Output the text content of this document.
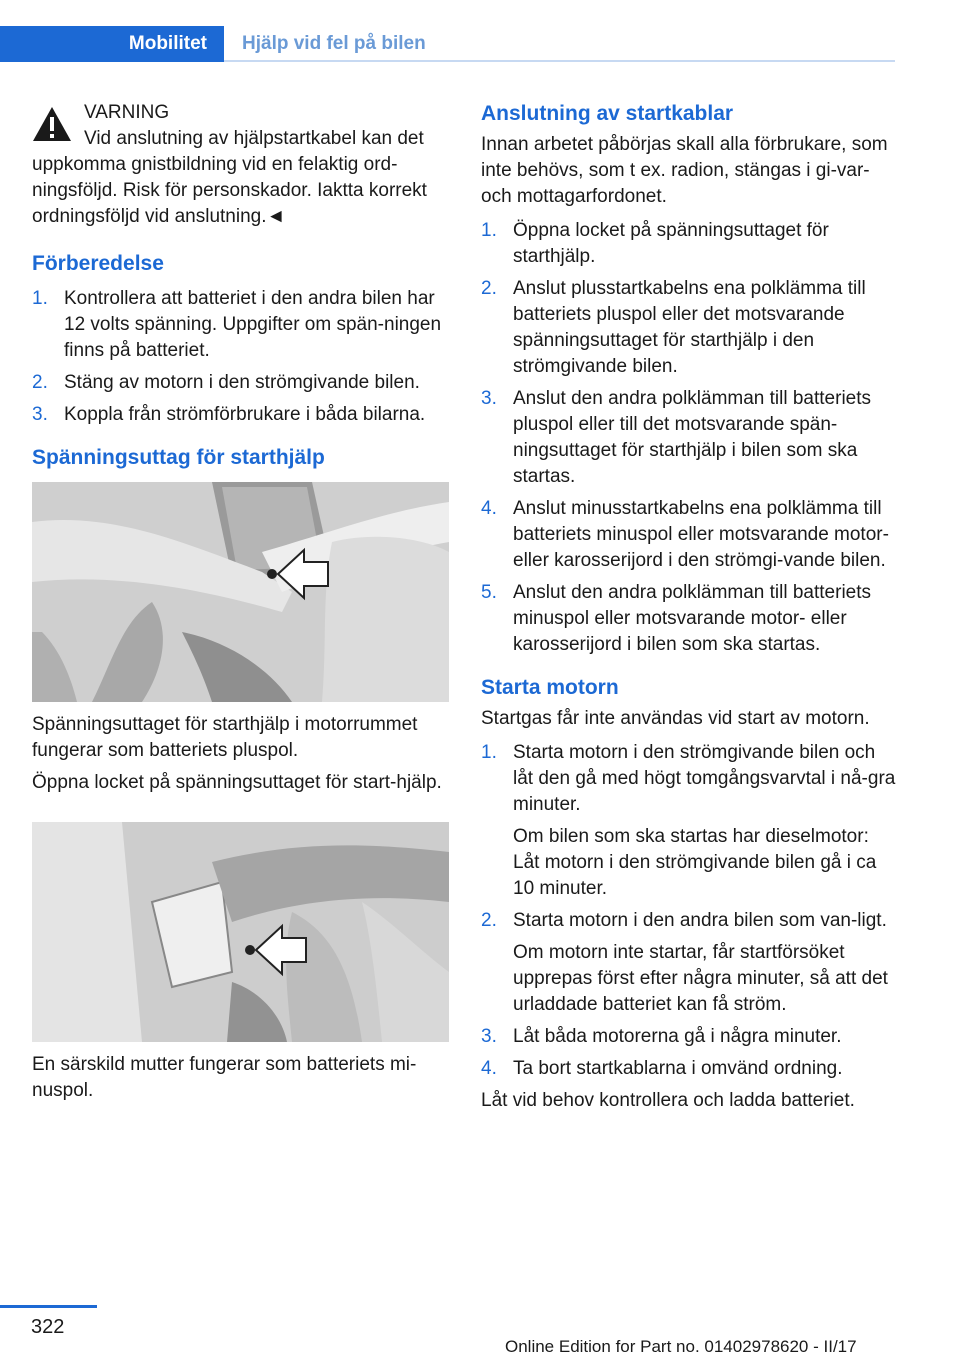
Mobilitet	Hjälp vid fel på bilen
VARNING
Vid anslutning av hjälpstartkabel kan det
uppkomma gnistbildning vid en felaktig ord-ningsföljd. Risk för personskador. Iaktta korrekt ordningsföljd vid anslutning.◄
Förberedelse
1. Kontrollera att batteriet i den andra bilen har 12 volts spänning. Uppgifter om spän-ningen finns på batteriet.
2. Stäng av motorn i den strömgivande bilen.
3. Koppla från strömförbrukare i båda bilarna.
Spänningsuttag för starthjälp

Spänningsuttaget för starthjälp i motorrummet fungerar som batteriets pluspol.

Öppna locket på spänningsuttaget för start-hjälp.

En särskild mutter fungerar som batteriets mi-nuspol.

Anslutning av startkablar

Innan arbetet påbörjas skall alla förbrukare, som inte behövs, som t ex. radion, stängas i gi-var- och mottagarfordonet.

1. Öppna locket på spänningsuttaget för starthjälp.
2. Anslut plusstartkabelns ena polklämma till batteriets pluspol eller det motsvarande spänningsuttaget för starthjälp i den strömgivande bilen.
3. Anslut den andra polklämman till batteriets pluspol eller till det motsvarande spän-ningsuttaget för starthjälp i bilen som ska startas.
4. Anslut minusstartkabelns ena polklämma till batteriets minuspol eller motsvarande motor- eller karosserijord i den strömgi-vande bilen.
5. Anslut den andra polklämman till batteriets minuspol eller motsvarande motor- eller karosserijord i bilen som ska startas.
Starta motorn

Startgas får inte användas vid start av motorn.

1. Starta motorn i den strömgivande bilen och låt den gå med högt tomgångsvarvtal i nå-gra minuter.

Om bilen som ska startas har dieselmotor: Låt motorn i den strömgivande bilen gå i ca 10 minuter.

2. Starta motorn i den andra bilen som van-ligt.

Om motorn inte startar, får startförsöket upprepas först efter några minuter, så att det urladdade batteriet kan få ström.

3. Låt båda motorerna gå i några minuter.
4. Ta bort startkablarna i omvänd ordning.

Låt vid behov kontrollera och ladda batteriet.

322
Online Edition for Part no. 01402978620 - II/17
